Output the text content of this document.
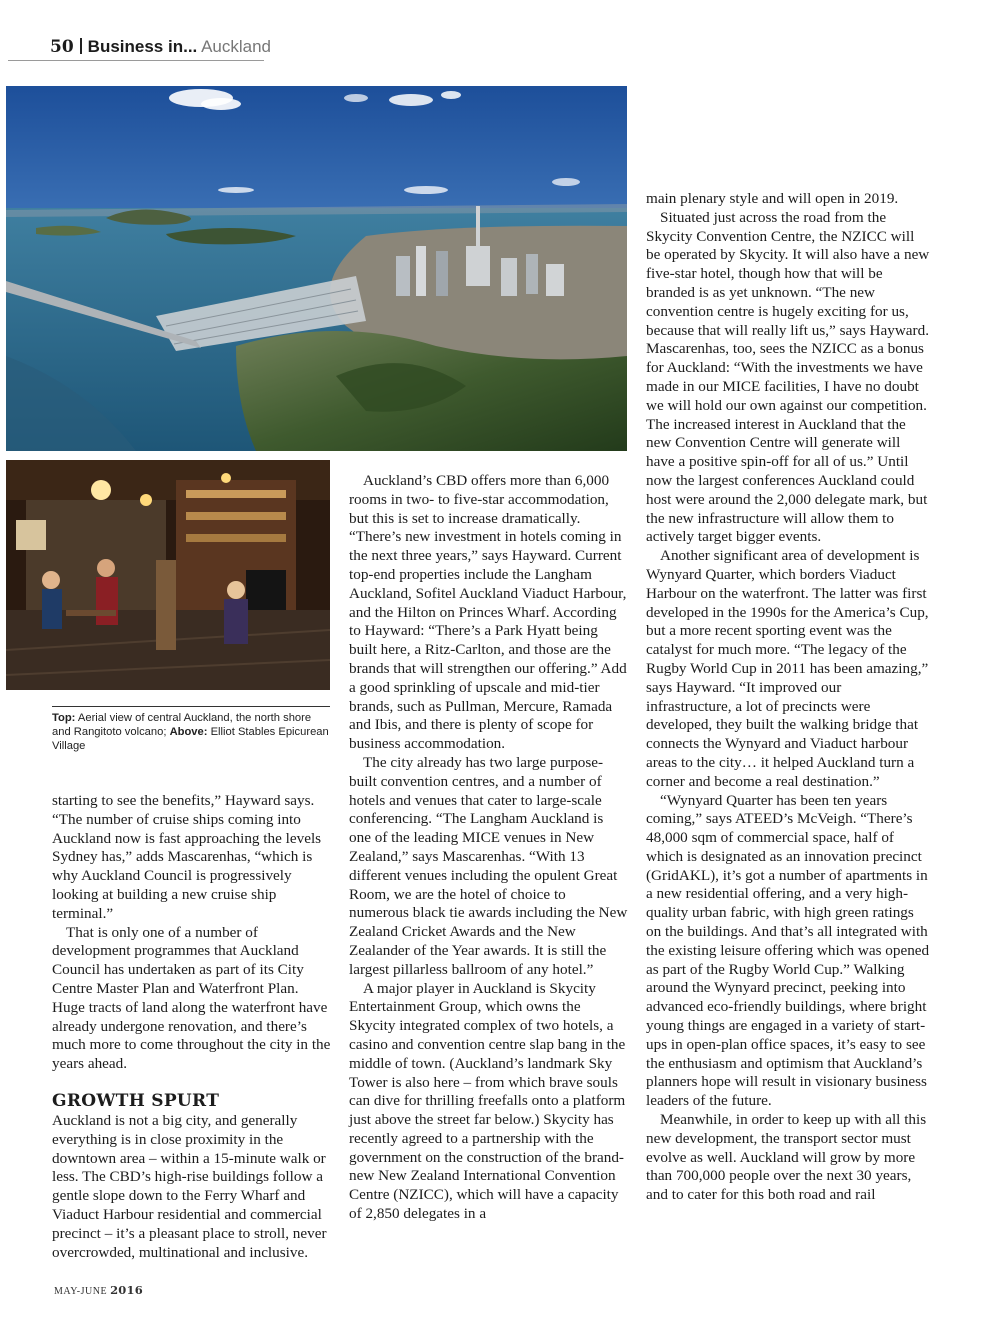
50 Business in... Auckland
Top: Aerial view of central Auckland, the north shore and Rangitoto volcano; Above: Elliot Stables Epicurean Village

starting to see the benefits,” Hayward says. “The number of cruise ships coming into Auckland now is fast approaching the levels Sydney has,” adds Mascarenhas, “which is why Auckland Council is progressively looking at building a new cruise ship terminal.”

That is only one of a number of development programmes that Auckland Council has undertaken as part of its City Centre Master Plan and Waterfront Plan. Huge tracts of land along the waterfront have already undergone renovation, and there’s much more to come throughout the city in the years ahead.

GROWTH SPURT

Auckland is not a big city, and generally everything is in close proximity in the downtown area – within a 15-minute walk or less. The CBD’s high-rise buildings follow a gentle slope down to the Ferry Wharf and Viaduct Harbour residential and commercial precinct – it’s a pleasant place to stroll, never overcrowded, multinational and inclusive.

Auckland’s CBD offers more than 6,000 rooms in two- to five-star accommodation, but this is set to increase dramatically. “There’s new investment in hotels coming in the next three years,” says Hayward. Current top-end properties include the Langham Auckland, Sofitel Auckland Viaduct Harbour, and the Hilton on Princes Wharf. According to Hayward: “There’s a Park Hyatt being built here, a Ritz-Carlton, and those are the brands that will strengthen our offering.” Add a good sprinkling of upscale and mid-tier brands, such as Pullman, Mercure, Ramada and Ibis, and there is plenty of scope for business accommodation.

The city already has two large purpose-built convention centres, and a number of hotels and venues that cater to large-scale conferencing. “The Langham Auckland is one of the leading MICE venues in New Zealand,” says Mascarenhas. “With 13 different venues including the opulent Great Room, we are the hotel of choice to numerous black tie awards including the New Zealand Cricket Awards and the New Zealander of the Year awards. It is still the largest pillarless ballroom of any hotel.”

A major player in Auckland is Skycity Entertainment Group, which owns the Skycity integrated complex of two hotels, a casino and convention centre slap bang in the middle of town. (Auckland’s landmark Sky Tower is also here – from which brave souls can dive for thrilling freefalls onto a platform just above the street far below.) Skycity has recently agreed to a partnership with the government on the construction of the brand-new New Zealand International Convention Centre (NZICC), which will have a capacity of 2,850 delegates in a

main plenary style and will open in 2019.

Situated just across the road from the Skycity Convention Centre, the NZICC will be operated by Skycity. It will also have a new five-star hotel, though how that will be branded is as yet unknown. “The new convention centre is hugely exciting for us, because that will really lift us,” says Hayward. Mascarenhas, too, sees the NZICC as a bonus for Auckland: “With the investments we have made in our MICE facilities, I have no doubt we will hold our own against our competition. The increased interest in Auckland that the new Convention Centre will generate will have a positive spin-off for all of us.” Until now the largest conferences Auckland could host were around the 2,000 delegate mark, but the new infrastructure will allow them to actively target bigger events.

Another significant area of development is Wynyard Quarter, which borders Viaduct Harbour on the waterfront. The latter was first developed in the 1990s for the America’s Cup, but a more recent sporting event was the catalyst for much more. “The legacy of the Rugby World Cup in 2011 has been amazing,” says Hayward. “It improved our infrastructure, a lot of precincts were developed, they built the walking bridge that connects the Wynyard and Viaduct harbour areas to the city… it helped Auckland turn a corner and become a real destination.”

“Wynyard Quarter has been ten years coming,” says ATEED’s McVeigh. “There’s 48,000 sqm of commercial space, half of which is designated as an innovation precinct (GridAKL), it’s got a number of apartments in a new residential offering, and a very high-quality urban fabric, with high green ratings on the buildings. And that’s all integrated with the existing leisure offering which was opened as part of the Rugby World Cup.” Walking around the Wynyard precinct, peeking into advanced eco-friendly buildings, where bright young things are engaged in a variety of start-ups in open-plan office spaces, it’s easy to see the enthusiasm and optimism that Auckland’s planners hope will result in visionary business leaders of the future.

Meanwhile, in order to keep up with all this new development, the transport sector must evolve as well. Auckland will grow by more than 700,000 people over the next 30 years, and to cater for this both road and rail

MAY-JUNE 2016
